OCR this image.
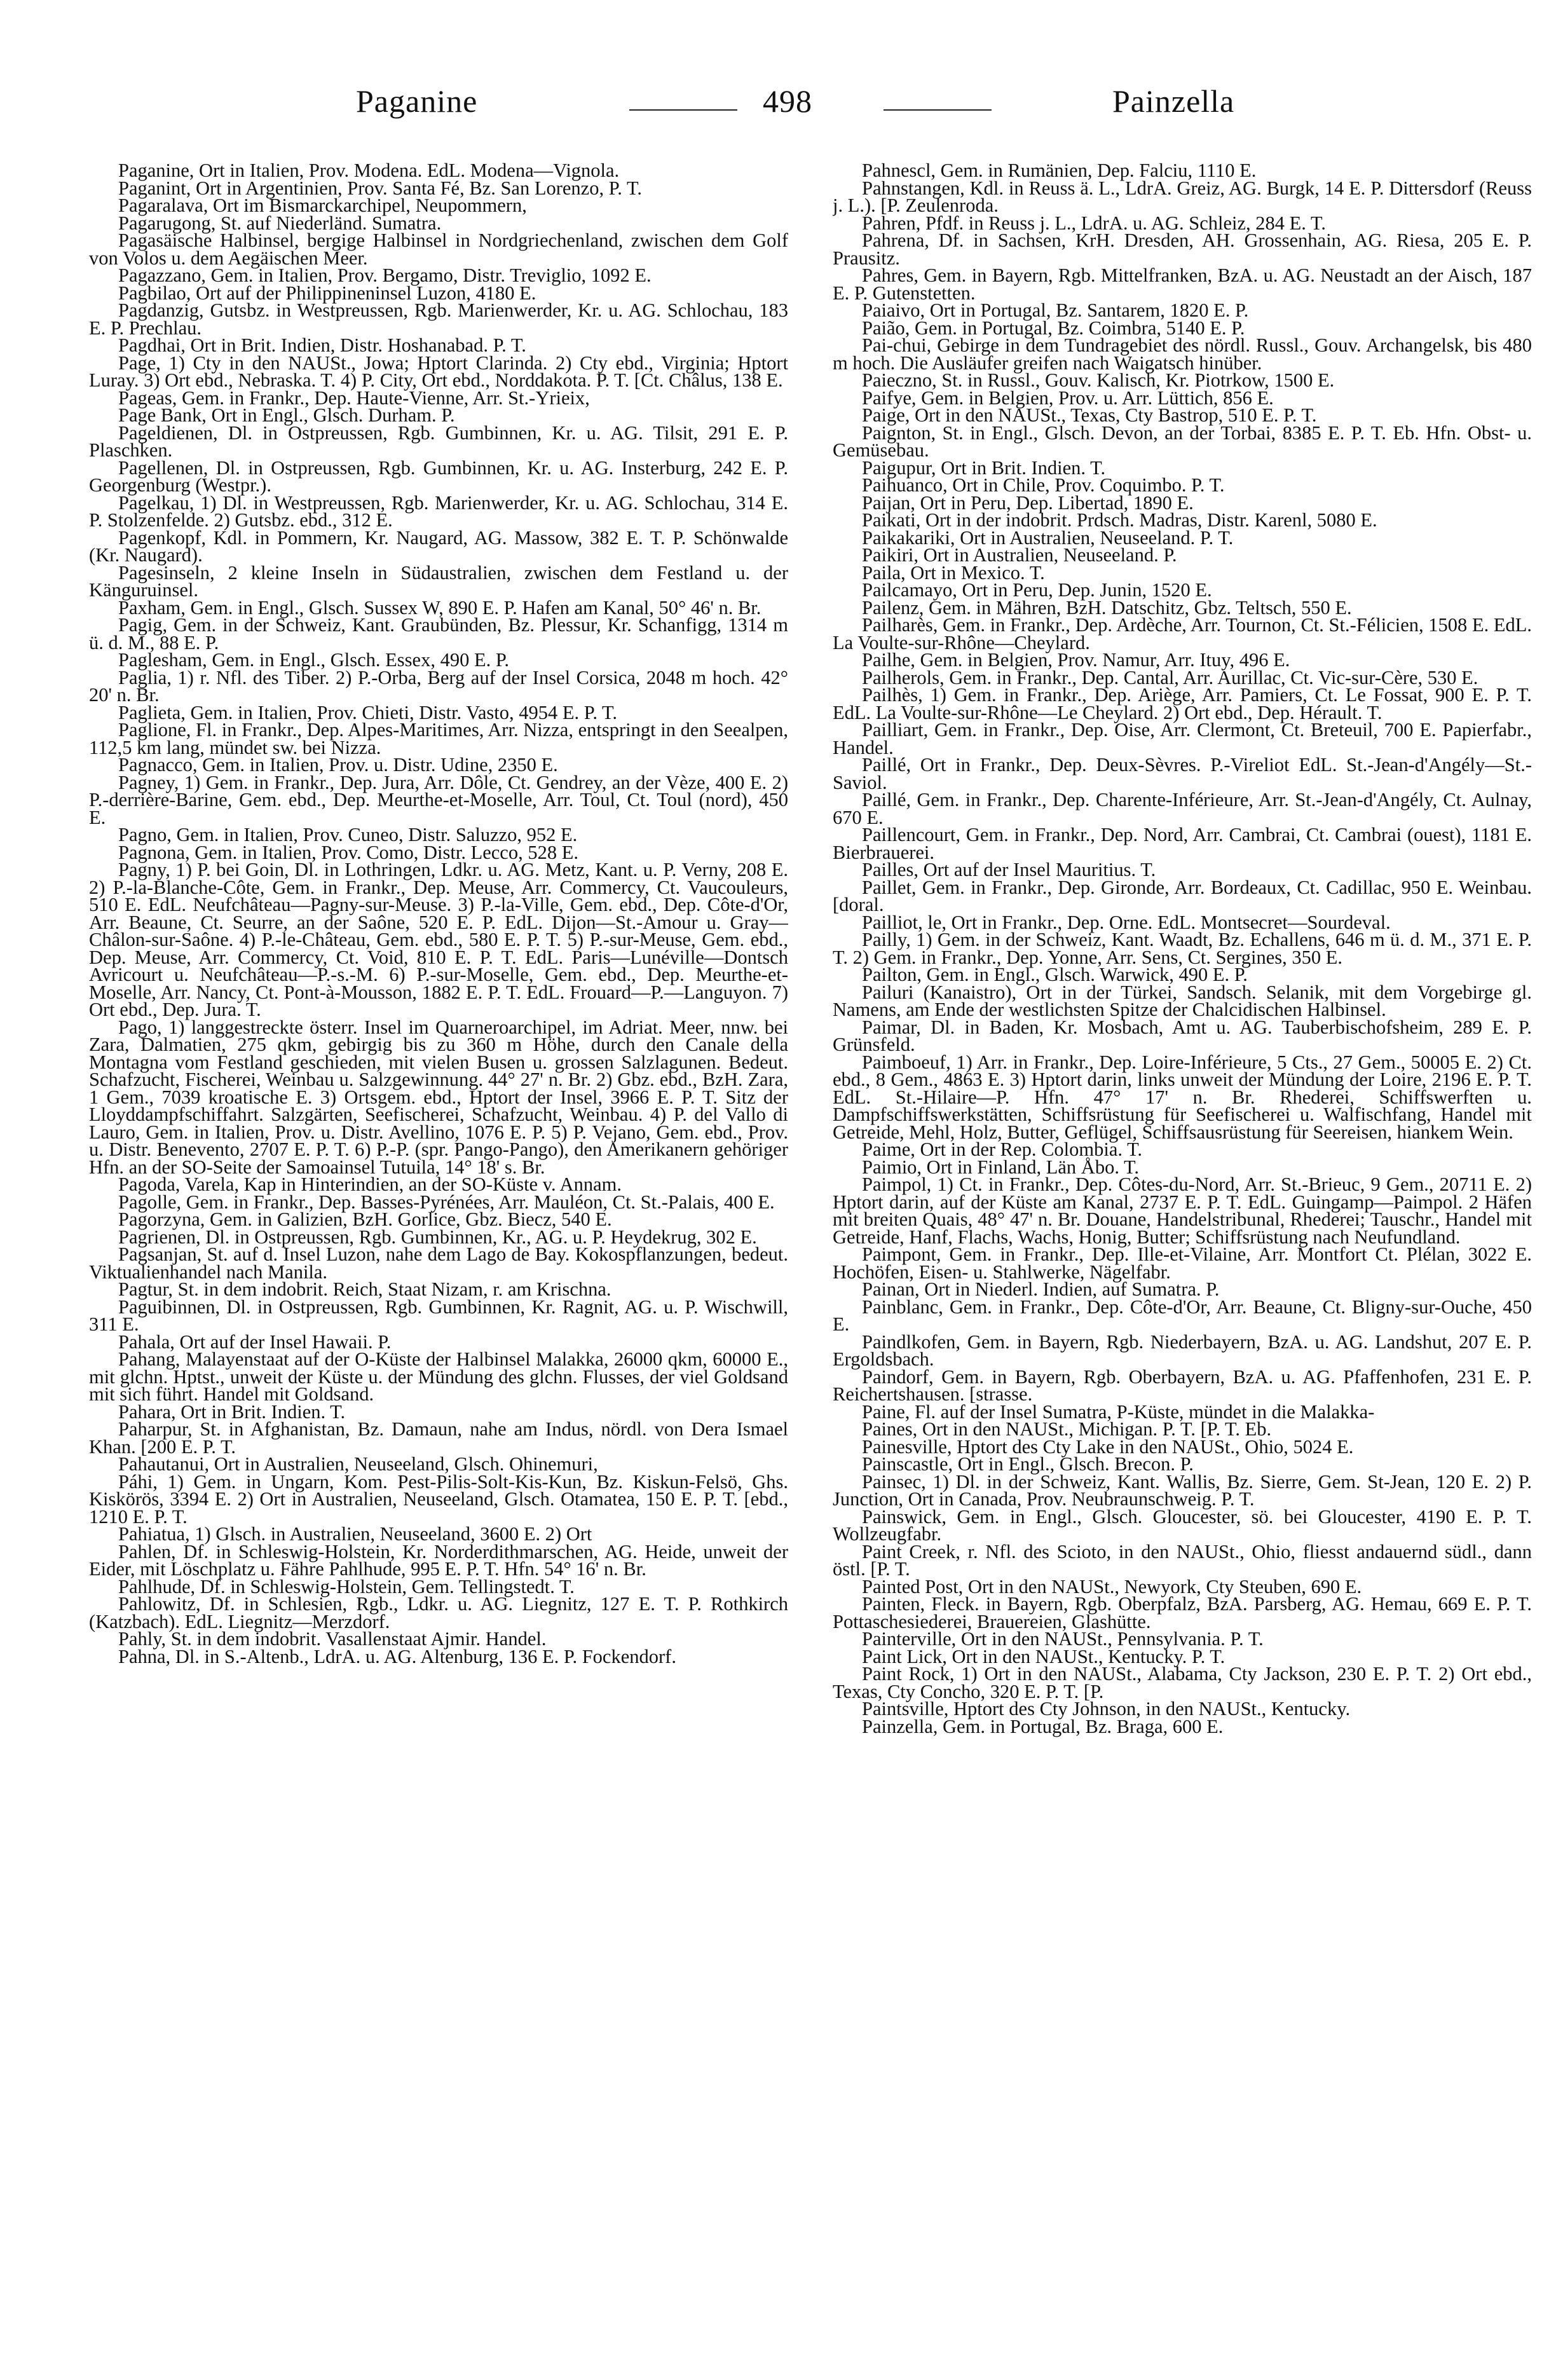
Paganine	498	Painzella

Paganine, Ort in Italien, Prov. Modena. EdL. Modena—Vignola.

Paganint, Ort in Argentinien, Prov. Santa Fé, Bz. San Lorenzo, P. T.

Pagaralava, Ort im Bismarckarchipel, Neupommern,

Pagarugong, St. auf Niederländ. Sumatra.

Pagasäische Halbinsel, bergige Halbinsel in Nordgriechenland, zwischen dem Golf von Volos u. dem Aegäischen Meer.

Pagazzano, Gem. in Italien, Prov. Bergamo, Distr. Treviglio, 1092 E.

Pagbilao, Ort auf der Philippineninsel Luzon, 4180 E.

Pagdanzig, Gutsbz. in Westpreussen, Rgb. Marienwerder, Kr. u. AG. Schlochau, 183 E. P. Prechlau.

Pagdhai, Ort in Brit. Indien, Distr. Hoshanabad. P. T.

Page, 1) Cty in den NAUSt., Jowa; Hptort Clarinda. 2) Cty ebd., Virginia; Hptort Luray. 3) Ort ebd., Nebraska. T. 4) P. City, Ort ebd., Norddakota. P. T. [Ct. Châlus, 138 E.

Pageas, Gem. in Frankr., Dep. Haute-Vienne, Arr. St.-Yrieix,

Page Bank, Ort in Engl., Glsch. Durham. P.

Pageldienen, Dl. in Ostpreussen, Rgb. Gumbinnen, Kr. u. AG. Tilsit, 291 E. P. Plaschken.

Pagellenen, Dl. in Ostpreussen, Rgb. Gumbinnen, Kr. u. AG. Insterburg, 242 E. P. Georgenburg (Westpr.).

Pagelkau, 1) Dl. in Westpreussen, Rgb. Marienwerder, Kr. u. AG. Schlochau, 314 E. P. Stolzenfelde. 2) Gutsbz. ebd., 312 E.

Pagenkopf, Kdl. in Pommern, Kr. Naugard, AG. Massow, 382 E. T. P. Schönwalde (Kr. Naugard).

Pagesinseln, 2 kleine Inseln in Südaustralien, zwischen dem Festland u. der Känguruinsel.

Paxham, Gem. in Engl., Glsch. Sussex W, 890 E. P. Hafen am Kanal, 50° 46' n. Br.

Pagig, Gem. in der Schweiz, Kant. Graubünden, Bz. Plessur, Kr. Schanfigg, 1314 m ü. d. M., 88 E. P.

Paglesham, Gem. in Engl., Glsch. Essex, 490 E. P.

Paglia, 1) r. Nfl. des Tiber. 2) P.-Orba, Berg auf der Insel Corsica, 2048 m hoch. 42° 20' n. Br.

Paglieta, Gem. in Italien, Prov. Chieti, Distr. Vasto, 4954 E. P. T.

Paglione, Fl. in Frankr., Dep. Alpes-Maritimes, Arr. Nizza, entspringt in den Seealpen, 112,5 km lang, mündet sw. bei Nizza.

Pagnacco, Gem. in Italien, Prov. u. Distr. Udine, 2350 E.

Pagney, 1) Gem. in Frankr., Dep. Jura, Arr. Dôle, Ct. Gendrey, an der Vèze, 400 E. 2) P.-derrière-Barine, Gem. ebd., Dep. Meurthe-et-Moselle, Arr. Toul, Ct. Toul (nord), 450 E.

Pagno, Gem. in Italien, Prov. Cuneo, Distr. Saluzzo, 952 E.

Pagnona, Gem. in Italien, Prov. Como, Distr. Lecco, 528 E.

Pagny, 1) P. bei Goin, Dl. in Lothringen, Ldkr. u. AG. Metz, Kant. u. P. Verny, 208 E. 2) P.-la-Blanche-Côte, Gem. in Frankr., Dep. Meuse, Arr. Commercy, Ct. Vaucouleurs, 510 E. EdL. Neufchâteau—Pagny-sur-Meuse. 3) P.-la-Ville, Gem. ebd., Dep. Côte-d'Or, Arr. Beaune, Ct. Seurre, an der Saône, 520 E. P. EdL. Dijon—St.-Amour u. Gray—Châlon-sur-Saône. 4) P.-le-Château, Gem. ebd., 580 E. P. T. 5) P.-sur-Meuse, Gem. ebd., Dep. Meuse, Arr. Commercy, Ct. Void, 810 E. P. T. EdL. Paris—Lunéville—Dontsch Avricourt u. Neufchâteau—P.-s.-M. 6) P.-sur-Moselle, Gem. ebd., Dep. Meurthe-et-Moselle, Arr. Nancy, Ct. Pont-à-Mousson, 1882 E. P. T. EdL. Frouard—P.—Languyon. 7) Ort ebd., Dep. Jura. T.

Pago, 1) langgestreckte österr. Insel im Quarneroarchipel, im Adriat. Meer, nnw. bei Zara, Dalmatien, 275 qkm, gebirgig bis zu 360 m Höhe, durch den Canale della Montagna vom Festland geschieden, mit vielen Busen u. grossen Salzlagunen. Bedeut. Schafzucht, Fischerei, Weinbau u. Salzgewinnung. 44° 27' n. Br. 2) Gbz. ebd., BzH. Zara, 1 Gem., 7039 kroatische E. 3) Ortsgem. ebd., Hptort der Insel, 3966 E. P. T. Sitz der Lloyddampfschiffahrt. Salzgärten, Seefischerei, Schafzucht, Weinbau. 4) P. del Vallo di Lauro, Gem. in Italien, Prov. u. Distr. Avellino, 1076 E. P. 5) P. Vejano, Gem. ebd., Prov. u. Distr. Benevento, 2707 E. P. T. 6) P.-P. (spr. Pango-Pango), den Amerikanern gehöriger Hfn. an der SO-Seite der Samoainsel Tutuila, 14° 18' s. Br.

Pagoda, Varela, Kap in Hinterindien, an der SO-Küste v. Annam.

Pagolle, Gem. in Frankr., Dep. Basses-Pyrénées, Arr. Mauléon, Ct. St.-Palais, 400 E.

Pagorzyna, Gem. in Galizien, BzH. Gorlice, Gbz. Biecz, 540 E.

Pagrienen, Dl. in Ostpreussen, Rgb. Gumbinnen, Kr., AG. u. P. Heydekrug, 302 E.

Pagsanjan, St. auf d. Insel Luzon, nahe dem Lago de Bay. Kokospflanzungen, bedeut. Viktualienhandel nach Manila.

Pagtur, St. in dem indobrit. Reich, Staat Nizam, r. am Krischna.

Paguibinnen, Dl. in Ostpreussen, Rgb. Gumbinnen, Kr. Ragnit, AG. u. P. Wischwill, 311 E.

Pahala, Ort auf der Insel Hawaii. P.

Pahang, Malayenstaat auf der O-Küste der Halbinsel Malakka, 26000 qkm, 60000 E., mit glchn. Hptst., unweit der Küste u. der Mündung des glchn. Flusses, der viel Goldsand mit sich führt. Handel mit Goldsand.

Pahara, Ort in Brit. Indien. T.

Paharpur, St. in Afghanistan, Bz. Damaun, nahe am Indus, nördl. von Dera Ismael Khan. [200 E. P. T.

Pahautanui, Ort in Australien, Neuseeland, Glsch. Ohinemuri,

Páhi, 1) Gem. in Ungarn, Kom. Pest-Pilis-Solt-Kis-Kun, Bz. Kiskun-Felsö, Ghs. Kiskörös, 3394 E. 2) Ort in Australien, Neuseeland, Glsch. Otamatea, 150 E. P. T. [ebd., 1210 E. P. T.

Pahiatua, 1) Glsch. in Australien, Neuseeland, 3600 E. 2) Ort

Pahlen, Df. in Schleswig-Holstein, Kr. Norderdithmarschen, AG. Heide, unweit der Eider, mit Löschplatz u. Fähre Pahlhude, 995 E. P. T. Hfn. 54° 16' n. Br.

Pahlhude, Df. in Schleswig-Holstein, Gem. Tellingstedt. T.

Pahlowitz, Df. in Schlesien, Rgb., Ldkr. u. AG. Liegnitz, 127 E. T. P. Rothkirch (Katzbach). EdL. Liegnitz—Merzdorf.

Pahly, St. in dem indobrit. Vasallenstaat Ajmir. Handel.

Pahna, Dl. in S.-Altenb., LdrA. u. AG. Altenburg, 136 E. P. Fockendorf.

Pahnescl, Gem. in Rumänien, Dep. Falciu, 1110 E.

Pahnstangen, Kdl. in Reuss ä. L., LdrA. Greiz, AG. Burgk, 14 E. P. Dittersdorf (Reuss j. L.). [P. Zeulenroda.

Pahren, Pfdf. in Reuss j. L., LdrA. u. AG. Schleiz, 284 E. T.

Pahrena, Df. in Sachsen, KrH. Dresden, AH. Grossenhain, AG. Riesa, 205 E. P. Prausitz.

Pahres, Gem. in Bayern, Rgb. Mittelfranken, BzA. u. AG. Neustadt an der Aisch, 187 E. P. Gutenstetten.

Paiaivo, Ort in Portugal, Bz. Santarem, 1820 E. P.

Paião, Gem. in Portugal, Bz. Coimbra, 5140 E. P.

Pai-chui, Gebirge in dem Tundragebiet des nördl. Russl., Gouv. Archangelsk, bis 480 m hoch. Die Ausläufer greifen nach Waigatsch hinüber.

Paieczno, St. in Russl., Gouv. Kalisch, Kr. Piotrkow, 1500 E.

Paifye, Gem. in Belgien, Prov. u. Arr. Lüttich, 856 E.

Paige, Ort in den NAUSt., Texas, Cty Bastrop, 510 E. P. T.

Paignton, St. in Engl., Glsch. Devon, an der Torbai, 8385 E. P. T. Eb. Hfn. Obst- u. Gemüsebau.

Paigupur, Ort in Brit. Indien. T.

Paihuanco, Ort in Chile, Prov. Coquimbo. P. T.

Paijan, Ort in Peru, Dep. Libertad, 1890 E.

Paikati, Ort in der indobrit. Prdsch. Madras, Distr. Karenl, 5080 E.

Paikakariki, Ort in Australien, Neuseeland. P. T.

Paikiri, Ort in Australien, Neuseeland. P.

Paila, Ort in Mexico. T.

Pailcamayo, Ort in Peru, Dep. Junin, 1520 E.

Pailenz, Gem. in Mähren, BzH. Datschitz, Gbz. Teltsch, 550 E.

Pailharès, Gem. in Frankr., Dep. Ardèche, Arr. Tournon, Ct. St.-Félicien, 1508 E. EdL. La Voulte-sur-Rhône—Cheylard.

Pailhe, Gem. in Belgien, Prov. Namur, Arr. Ituy, 496 E.

Pailherols, Gem. in Frankr., Dep. Cantal, Arr. Aurillac, Ct. Vic-sur-Cère, 530 E.

Pailhès, 1) Gem. in Frankr., Dep. Ariège, Arr. Pamiers, Ct. Le Fossat, 900 E. P. T. EdL. La Voulte-sur-Rhône—Le Cheylard. 2) Ort ebd., Dep. Hérault. T.

Pailliart, Gem. in Frankr., Dep. Oise, Arr. Clermont, Ct. Breteuil, 700 E. Papierfabr., Handel.

Paillé, Ort in Frankr., Dep. Deux-Sèvres. P.-Vireliot EdL. St.-Jean-d'Angély—St.-Saviol.

Paillé, Gem. in Frankr., Dep. Charente-Inférieure, Arr. St.-Jean-d'Angély, Ct. Aulnay, 670 E.

Paillencourt, Gem. in Frankr., Dep. Nord, Arr. Cambrai, Ct. Cambrai (ouest), 1181 E. Bierbrauerei.

Pailles, Ort auf der Insel Mauritius. T.

Paillet, Gem. in Frankr., Dep. Gironde, Arr. Bordeaux, Ct. Cadillac, 950 E. Weinbau. [doral.

Pailliot, le, Ort in Frankr., Dep. Orne. EdL. Montsecret—Sourdeval.

Pailly, 1) Gem. in der Schweiz, Kant. Waadt, Bz. Echallens, 646 m ü. d. M., 371 E. P. T. 2) Gem. in Frankr., Dep. Yonne, Arr. Sens, Ct. Sergines, 350 E.

Pailton, Gem. in Engl., Glsch. Warwick, 490 E. P.

Pailuri (Kanaistro), Ort in der Türkei, Sandsch. Selanik, mit dem Vorgebirge gl. Namens, am Ende der westlichsten Spitze der Chalcidischen Halbinsel.

Paimar, Dl. in Baden, Kr. Mosbach, Amt u. AG. Tauberbischofsheim, 289 E. P. Grünsfeld.

Paimboeuf, 1) Arr. in Frankr., Dep. Loire-Inférieure, 5 Cts., 27 Gem., 50005 E. 2) Ct. ebd., 8 Gem., 4863 E. 3) Hptort darin, links unweit der Mündung der Loire, 2196 E. P. T. EdL. St.-Hilaire—P. Hfn. 47° 17' n. Br. Rhederei, Schiffswerften u. Dampfschiffswerkstätten, Schiffsrüstung für Seefischerei u. Walfischfang, Handel mit Getreide, Mehl, Holz, Butter, Geflügel, Schiffsausrüstung für Seereisen, hiankem Wein.

Paime, Ort in der Rep. Colombia. T.

Paimio, Ort in Finland, Län Åbo. T.

Paimpol, 1) Ct. in Frankr., Dep. Côtes-du-Nord, Arr. St.-Brieuc, 9 Gem., 20711 E. 2) Hptort darin, auf der Küste am Kanal, 2737 E. P. T. EdL. Guingamp—Paimpol. 2 Häfen mit breiten Quais, 48° 47' n. Br. Douane, Handelstribunal, Rhederei; Tauschr., Handel mit Getreide, Hanf, Flachs, Wachs, Honig, Butter; Schiffsrüstung nach Neufundland.

Paimpont, Gem. in Frankr., Dep. Ille-et-Vilaine, Arr. Montfort Ct. Plélan, 3022 E. Hochöfen, Eisen- u. Stahlwerke, Nägelfabr.

Painan, Ort in Niederl. Indien, auf Sumatra. P.

Painblanc, Gem. in Frankr., Dep. Côte-d'Or, Arr. Beaune, Ct. Bligny-sur-Ouche, 450 E.

Paindlkofen, Gem. in Bayern, Rgb. Niederbayern, BzA. u. AG. Landshut, 207 E. P. Ergoldsbach.

Paindorf, Gem. in Bayern, Rgb. Oberbayern, BzA. u. AG. Pfaffenhofen, 231 E. P. Reichertshausen. [strasse.

Paine, Fl. auf der Insel Sumatra, P-Küste, mündet in die Malakka-

Paines, Ort in den NAUSt., Michigan. P. T. [P. T. Eb.

Painesville, Hptort des Cty Lake in den NAUSt., Ohio, 5024 E.

Painscastle, Ort in Engl., Glsch. Brecon. P.

Painsec, 1) Dl. in der Schweiz, Kant. Wallis, Bz. Sierre, Gem. St-Jean, 120 E. 2) P. Junction, Ort in Canada, Prov. Neubraunschweig. P. T.

Painswick, Gem. in Engl., Glsch. Gloucester, sö. bei Gloucester, 4190 E. P. T. Wollzeugfabr.

Paint Creek, r. Nfl. des Scioto, in den NAUSt., Ohio, fliesst andauernd südl., dann östl. [P. T.

Painted Post, Ort in den NAUSt., Newyork, Cty Steuben, 690 E.

Painten, Fleck. in Bayern, Rgb. Oberpfalz, BzA. Parsberg, AG. Hemau, 669 E. P. T. Pottaschesiederei, Brauereien, Glashütte.

Painterville, Ort in den NAUSt., Pennsylvania. P. T.

Paint Lick, Ort in den NAUSt., Kentucky. P. T.

Paint Rock, 1) Ort in den NAUSt., Alabama, Cty Jackson, 230 E. P. T. 2) Ort ebd., Texas, Cty Concho, 320 E. P. T. [P.

Paintsville, Hptort des Cty Johnson, in den NAUSt., Kentucky.

Painzella, Gem. in Portugal, Bz. Braga, 600 E.
